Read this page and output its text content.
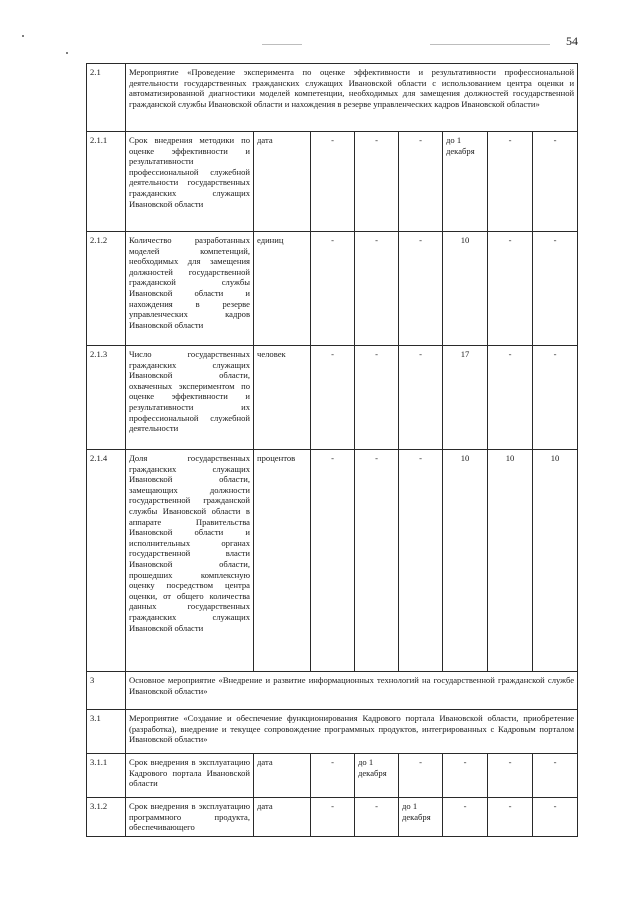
54
2.1	Мероприятие «Проведение эксперимента по оценке эффективности и результативности профессиональной деятельности государственных гражданских служащих Ивановской области с использованием центра оценки и автоматизированной диагностики моделей компетенции, необходимых для замещения должностей государственной гражданской службы Ивановской области и нахождения в резерве управленческих кадров Ивановской области»							
2.1.1	Срок внедрения методики по оценке эффективности и результативности профессиональной служебной деятельности государственных гражданских служащих Ивановской области	дата	-	-	-	до 1 декабря	-	-
2.1.2	Количество разработанных моделей компетенций, необходимых для замещения должностей государственной гражданской службы Ивановской области и нахождения в резерве управленческих кадров Ивановской области	единиц	-	-	-	10	-	-
2.1.3	Число государственных гражданских служащих Ивановской области, охваченных экспериментом по оценке эффективности и результативности их профессиональной служебной деятельности	человек	-	-	-	17	-	-
2.1.4	Доля государственных гражданских служащих Ивановской области, замещающих должности государственной гражданской службы Ивановской области в аппарате Правительства Ивановской области и исполнительных органах государственной власти Ивановской области, прошедших комплексную оценку посредством центра оценки, от общего количества данных государственных гражданских служащих Ивановской области	процентов	-	-	-	10	10	10
3	Основное мероприятие «Внедрение и развитие информационных технологий на государственной гражданской службе Ивановской области»							
3.1	Мероприятие «Создание и обеспечение функционирования Кадрового портала Ивановской области, приобретение (разработка), внедрение и текущее сопровождение программных продуктов, интегрированных с Кадровым порталом Ивановской области»							
3.1.1	Срок внедрения в эксплуатацию Кадрового портала Ивановской области	дата	-	до 1 декабря	-	-	-	-
3.1.2	Срок внедрения в эксплуатацию программного продукта, обеспечивающего	дата	-	-	до 1 декабря	-	-	-
